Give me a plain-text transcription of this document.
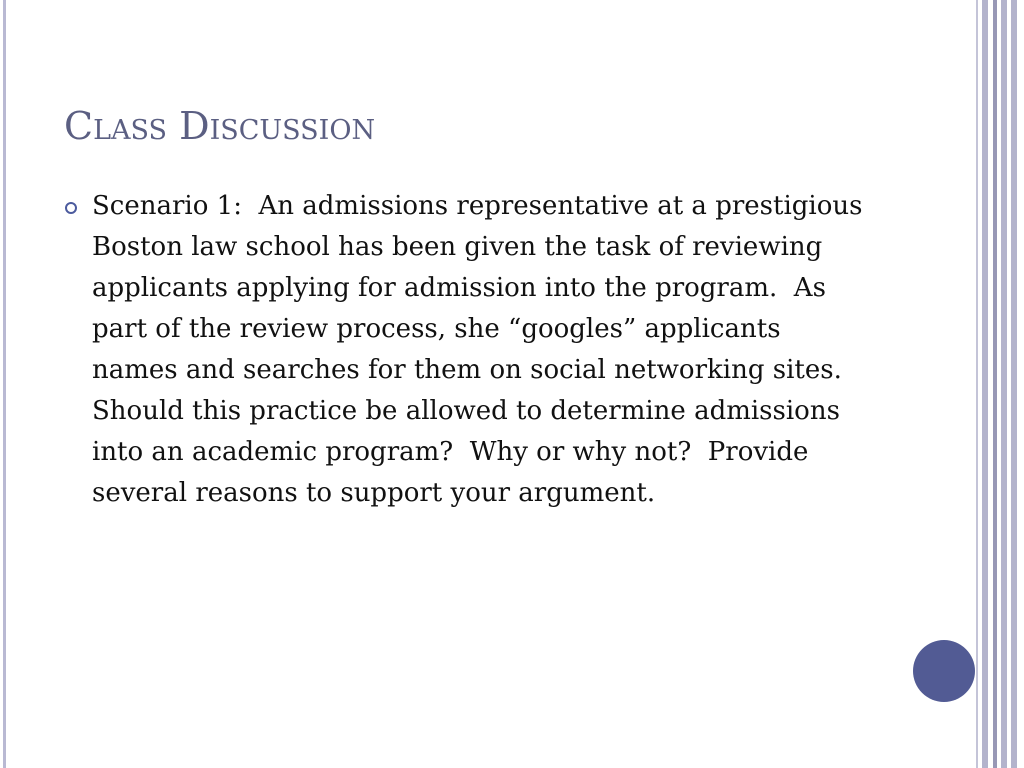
Class Discussion
Scenario 1:  An admissions representative at a prestigious Boston law school has been given the task of reviewing applicants applying for admission into the program.  As part of the review process, she “googles” applicants names and searches for them on social networking sites.  Should this practice be allowed to determine admissions into an academic program?  Why or why not?  Provide several reasons to support your argument.
